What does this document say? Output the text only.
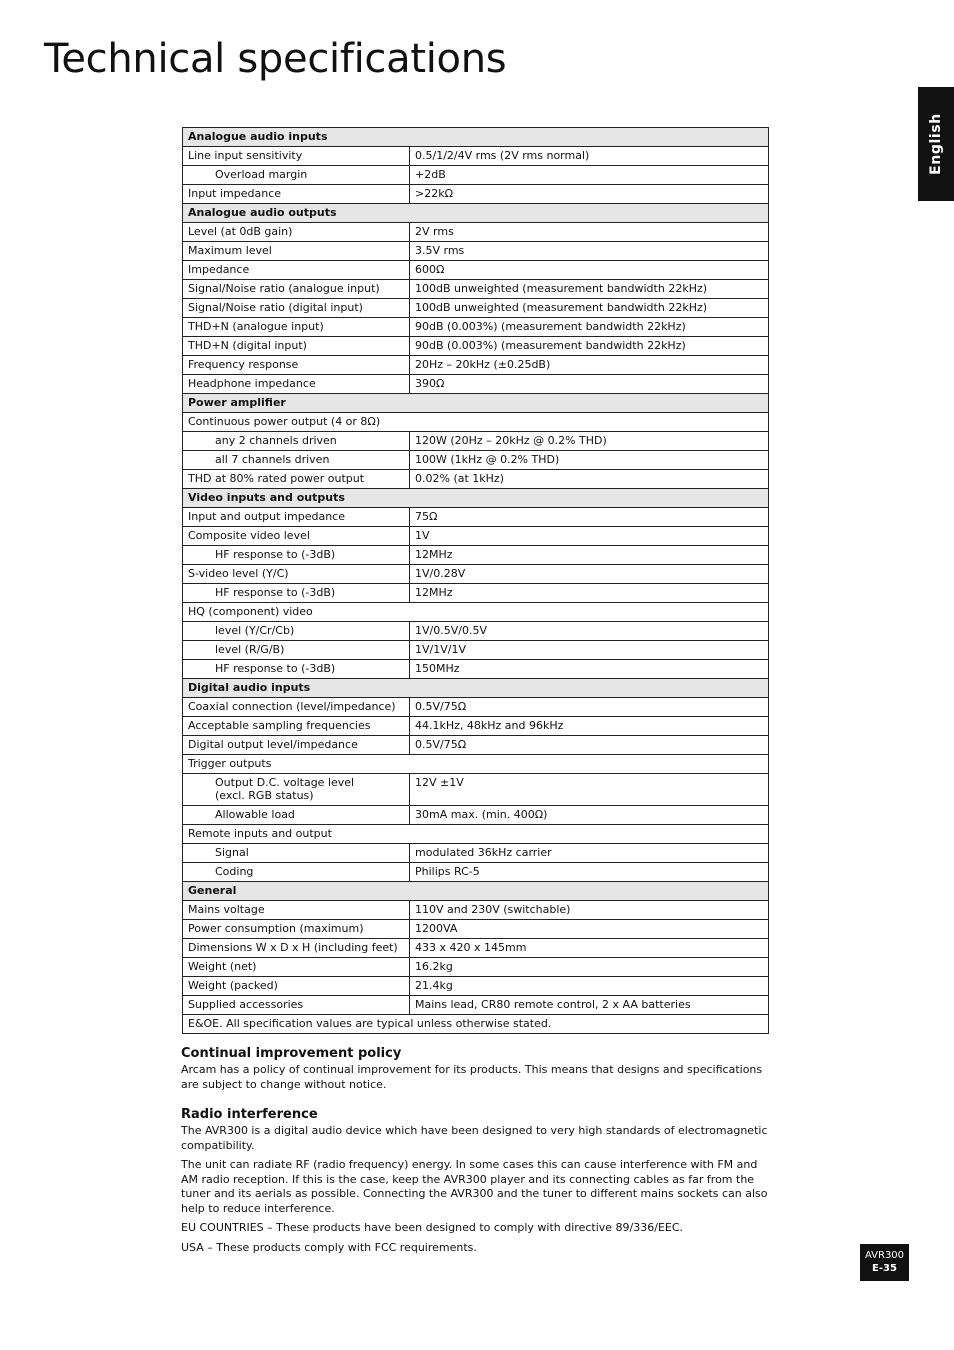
Technical specifications
English
Analogue audio inputs	
Line input sensitivity	0.5/1/2/4V rms (2V rms normal)
Overload margin	+2dB
Input impedance	>22kΩ
Analogue audio outputs	
Level (at 0dB gain)	2V rms
Maximum level	3.5V rms
Impedance	600Ω
Signal/Noise ratio (analogue input)	100dB unweighted (measurement bandwidth 22kHz)
Signal/Noise ratio (digital input)	100dB unweighted (measurement bandwidth 22kHz)
THD+N (analogue input)	90dB (0.003%) (measurement bandwidth 22kHz)
THD+N (digital input)	90dB (0.003%) (measurement bandwidth 22kHz)
Frequency response	20Hz – 20kHz (±0.25dB)
Headphone impedance	390Ω
Power amplifier	
Continuous power output (4 or 8Ω)	
any 2 channels driven	120W (20Hz – 20kHz @ 0.2% THD)
all 7 channels driven	100W (1kHz @ 0.2% THD)
THD at 80% rated power output	0.02% (at 1kHz)
Video inputs and outputs	
Input and output impedance	75Ω
Composite video level	1V
HF response to (-3dB)	12MHz
S-video level (Y/C)	1V/0.28V
HF response to (-3dB)	12MHz
HQ (component) video	
level (Y/Cr/Cb)	1V/0.5V/0.5V
level (R/G/B)	1V/1V/1V
HF response to (-3dB)	150MHz
Digital audio inputs	
Coaxial connection (level/impedance)	0.5V/75Ω
Acceptable sampling frequencies	44.1kHz, 48kHz and 96kHz
Digital output level/impedance	0.5V/75Ω
Trigger outputs	
Output D.C. voltage level
(excl. RGB status)	12V ±1V
Allowable load	30mA max. (min. 400Ω)
Remote inputs and output	
Signal	modulated 36kHz carrier
Coding	Philips RC-5
General	
Mains voltage	110V and 230V (switchable)
Power consumption (maximum)	1200VA
Dimensions W x D x H (including feet)	433 x 420 x 145mm
Weight (net)	16.2kg
Weight (packed)	21.4kg
Supplied accessories	Mains lead, CR80 remote control, 2 x AA batteries
E&OE. All specification values are typical unless otherwise stated.	
Continual improvement policy

Arcam has a policy of continual improvement for its products. This means that designs and specifications are subject to change without notice.

Radio interference

The AVR300 is a digital audio device which have been designed to very high standards of electromagnetic compatibility.

The unit can radiate RF (radio frequency) energy. In some cases this can cause interference with FM and AM radio reception. If this is the case, keep the AVR300 player and its connecting cables as far from the tuner and its aerials as possible. Connecting the AVR300 and the tuner to different mains sockets can also help to reduce interference.

EU COUNTRIES – These products have been designed to comply with directive 89/336/EEC.

USA – These products comply with FCC requirements.

AVR300
E-35
